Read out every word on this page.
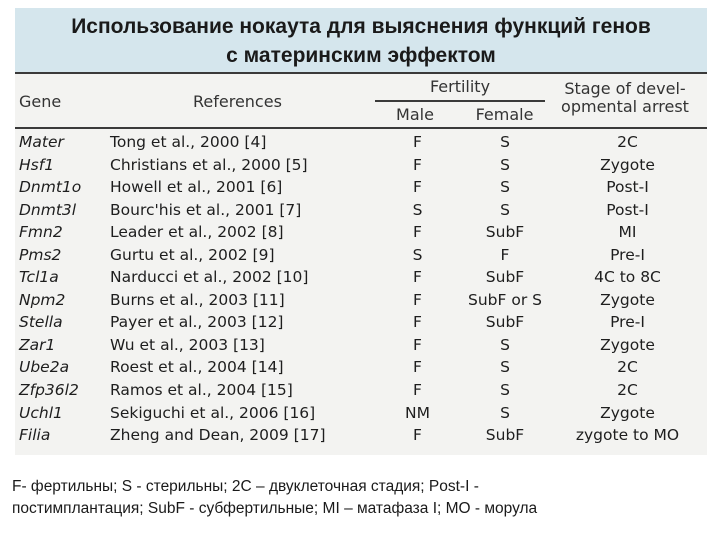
Использование нокаута для выяснения функций генов
с материнским эффектом
Fertility
Gene	References
Male	Female
Stage of devel-
opmental arrest
Mater	Tong et al., 2000 [4]	F	S	2C
Hsf1	Christians et al., 2000 [5]	F	S	Zygote
Dnmt1o Howell et al., 2001 [6]	F	S	Post-I
Dnmt3l Bourc'his et al., 2001 [7]	S	S	Post-I
Fmn2	Leader et al., 2002 [8]	F	SubF	MI
Pms2	Gurtu et al., 2002 [9]	S	F	Pre-I
Tcl1a	Narducci et al., 2002 [10]	F	SubF	4C to 8C
Npm2	Burns et al., 2003 [11]	F	SubF or S	Zygote
Stella	Payer et al., 2003 [12]	F	SubF	Pre-I
Zar1	Wu et al., 2003 [13]	F	S	Zygote
Ube2a	Roest et al., 2004 [14]	F	S	2C
Zfp36l2 Ramos et al., 2004 [15]	F	S	2C
Uchl1	Sekiguchi et al., 2006 [16]	NM	S	Zygote
Filia	Zheng and Dean, 2009 [17]	F	SubF	zygote to MO
F- фертильны; S - стерильны; 2C – двуклеточная стадия; Post-I -
постимплантация; SubF - субфертильные; MI – матафаза I; MO - морула
